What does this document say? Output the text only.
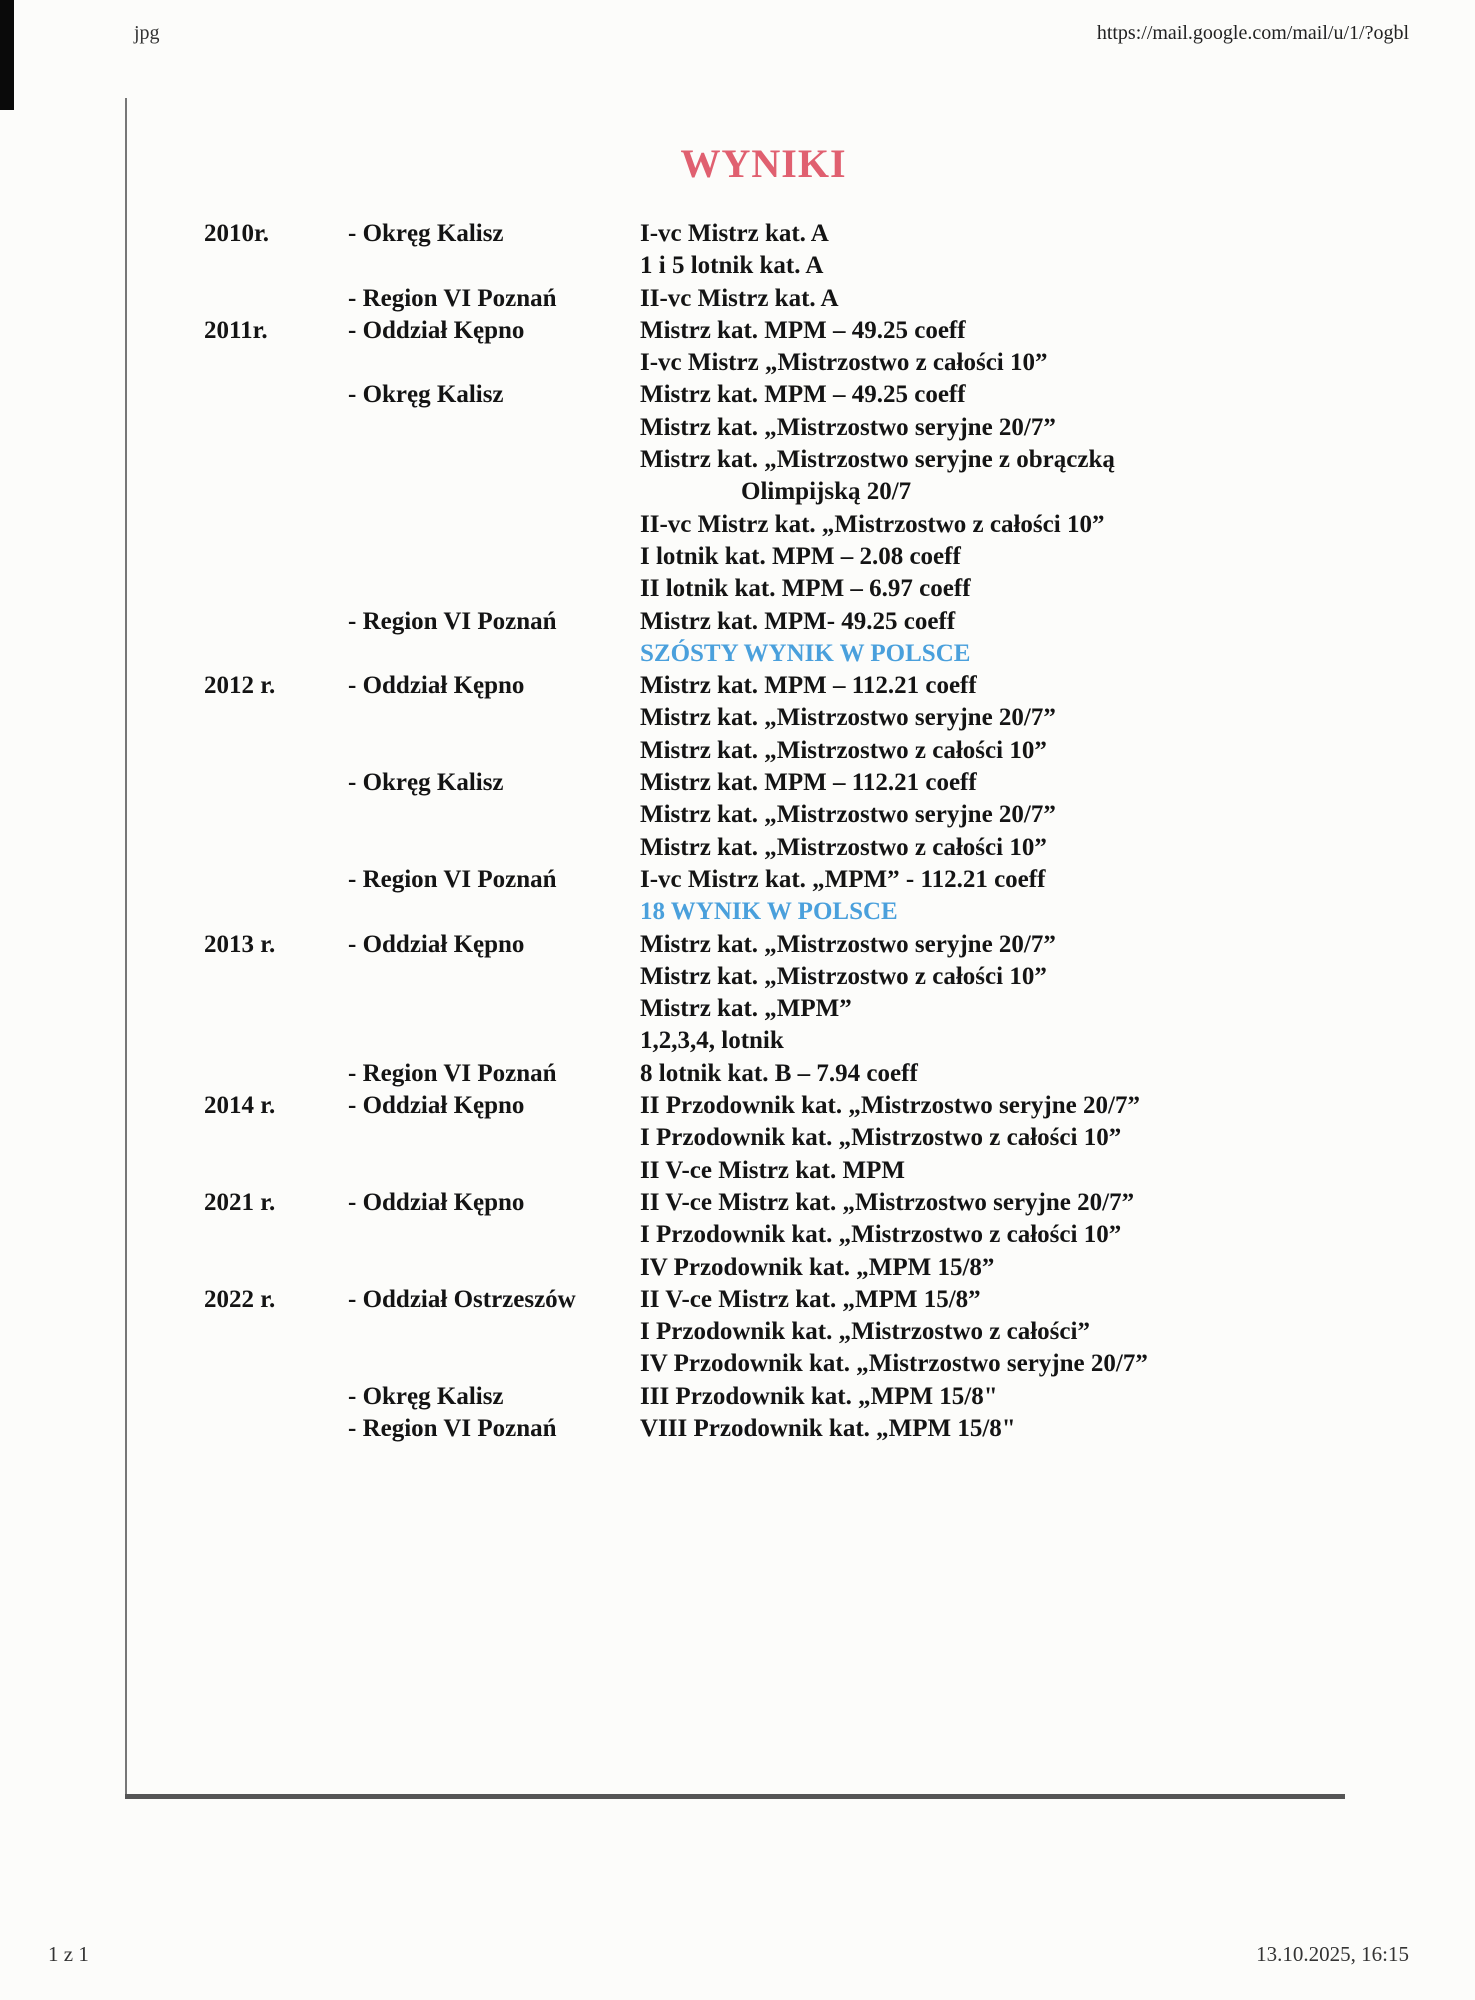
jpg	https://mail.google.com/mail/u/1/?ogbl
WYNIKI
2010r.	- Okręg Kalisz	I-vc Mistrz kat. A
1 i 5 lotnik kat. A
- Region VI Poznań	II-vc Mistrz kat. A
2011r.	- Oddział Kępno	Mistrz kat. MPM – 49.25 coeff
I-vc Mistrz „Mistrzostwo z całości 10”
- Okręg Kalisz	Mistrz kat. MPM – 49.25 coeff
Mistrz kat. „Mistrzostwo seryjne 20/7”
Mistrz kat. „Mistrzostwo seryjne z obrączką
Olimpijską 20/7
II-vc Mistrz kat. „Mistrzostwo z całości 10”
I lotnik kat. MPM – 2.08 coeff
II lotnik kat. MPM – 6.97 coeff
- Region VI Poznań	Mistrz kat. MPM- 49.25 coeff
SZÓSTY WYNIK W POLSCE
2012 r.	- Oddział Kępno	Mistrz kat. MPM – 112.21 coeff
Mistrz kat. „Mistrzostwo seryjne 20/7”
Mistrz kat. „Mistrzostwo z całości 10”
- Okręg Kalisz	Mistrz kat. MPM – 112.21 coeff
Mistrz kat. „Mistrzostwo seryjne 20/7”
Mistrz kat. „Mistrzostwo z całości 10”
- Region VI Poznań	I-vc Mistrz kat. „MPM” - 112.21 coeff
18 WYNIK W POLSCE
2013 r.	- Oddział Kępno	Mistrz kat. „Mistrzostwo seryjne 20/7”
Mistrz kat. „Mistrzostwo z całości 10”
Mistrz kat. „MPM”
1,2,3,4, lotnik
- Region VI Poznań	8 lotnik kat. B – 7.94 coeff
2014 r.	- Oddział Kępno	II Przodownik kat. „Mistrzostwo seryjne 20/7”
I Przodownik kat. „Mistrzostwo z całości 10”
II V-ce Mistrz kat. MPM
2021 r.	- Oddział Kępno	II V-ce Mistrz kat. „Mistrzostwo seryjne 20/7”
I Przodownik kat. „Mistrzostwo z całości 10”
IV Przodownik kat. „MPM 15/8”
2022 r.	- Oddział Ostrzeszów	II V-ce Mistrz kat. „MPM 15/8”
I Przodownik kat. „Mistrzostwo z całości”
IV Przodownik kat. „Mistrzostwo seryjne 20/7”
- Okręg Kalisz	III Przodownik kat. „MPM 15/8"
- Region VI Poznań	VIII Przodownik kat. „MPM 15/8"
1 z 1	13.10.2025, 16:15
